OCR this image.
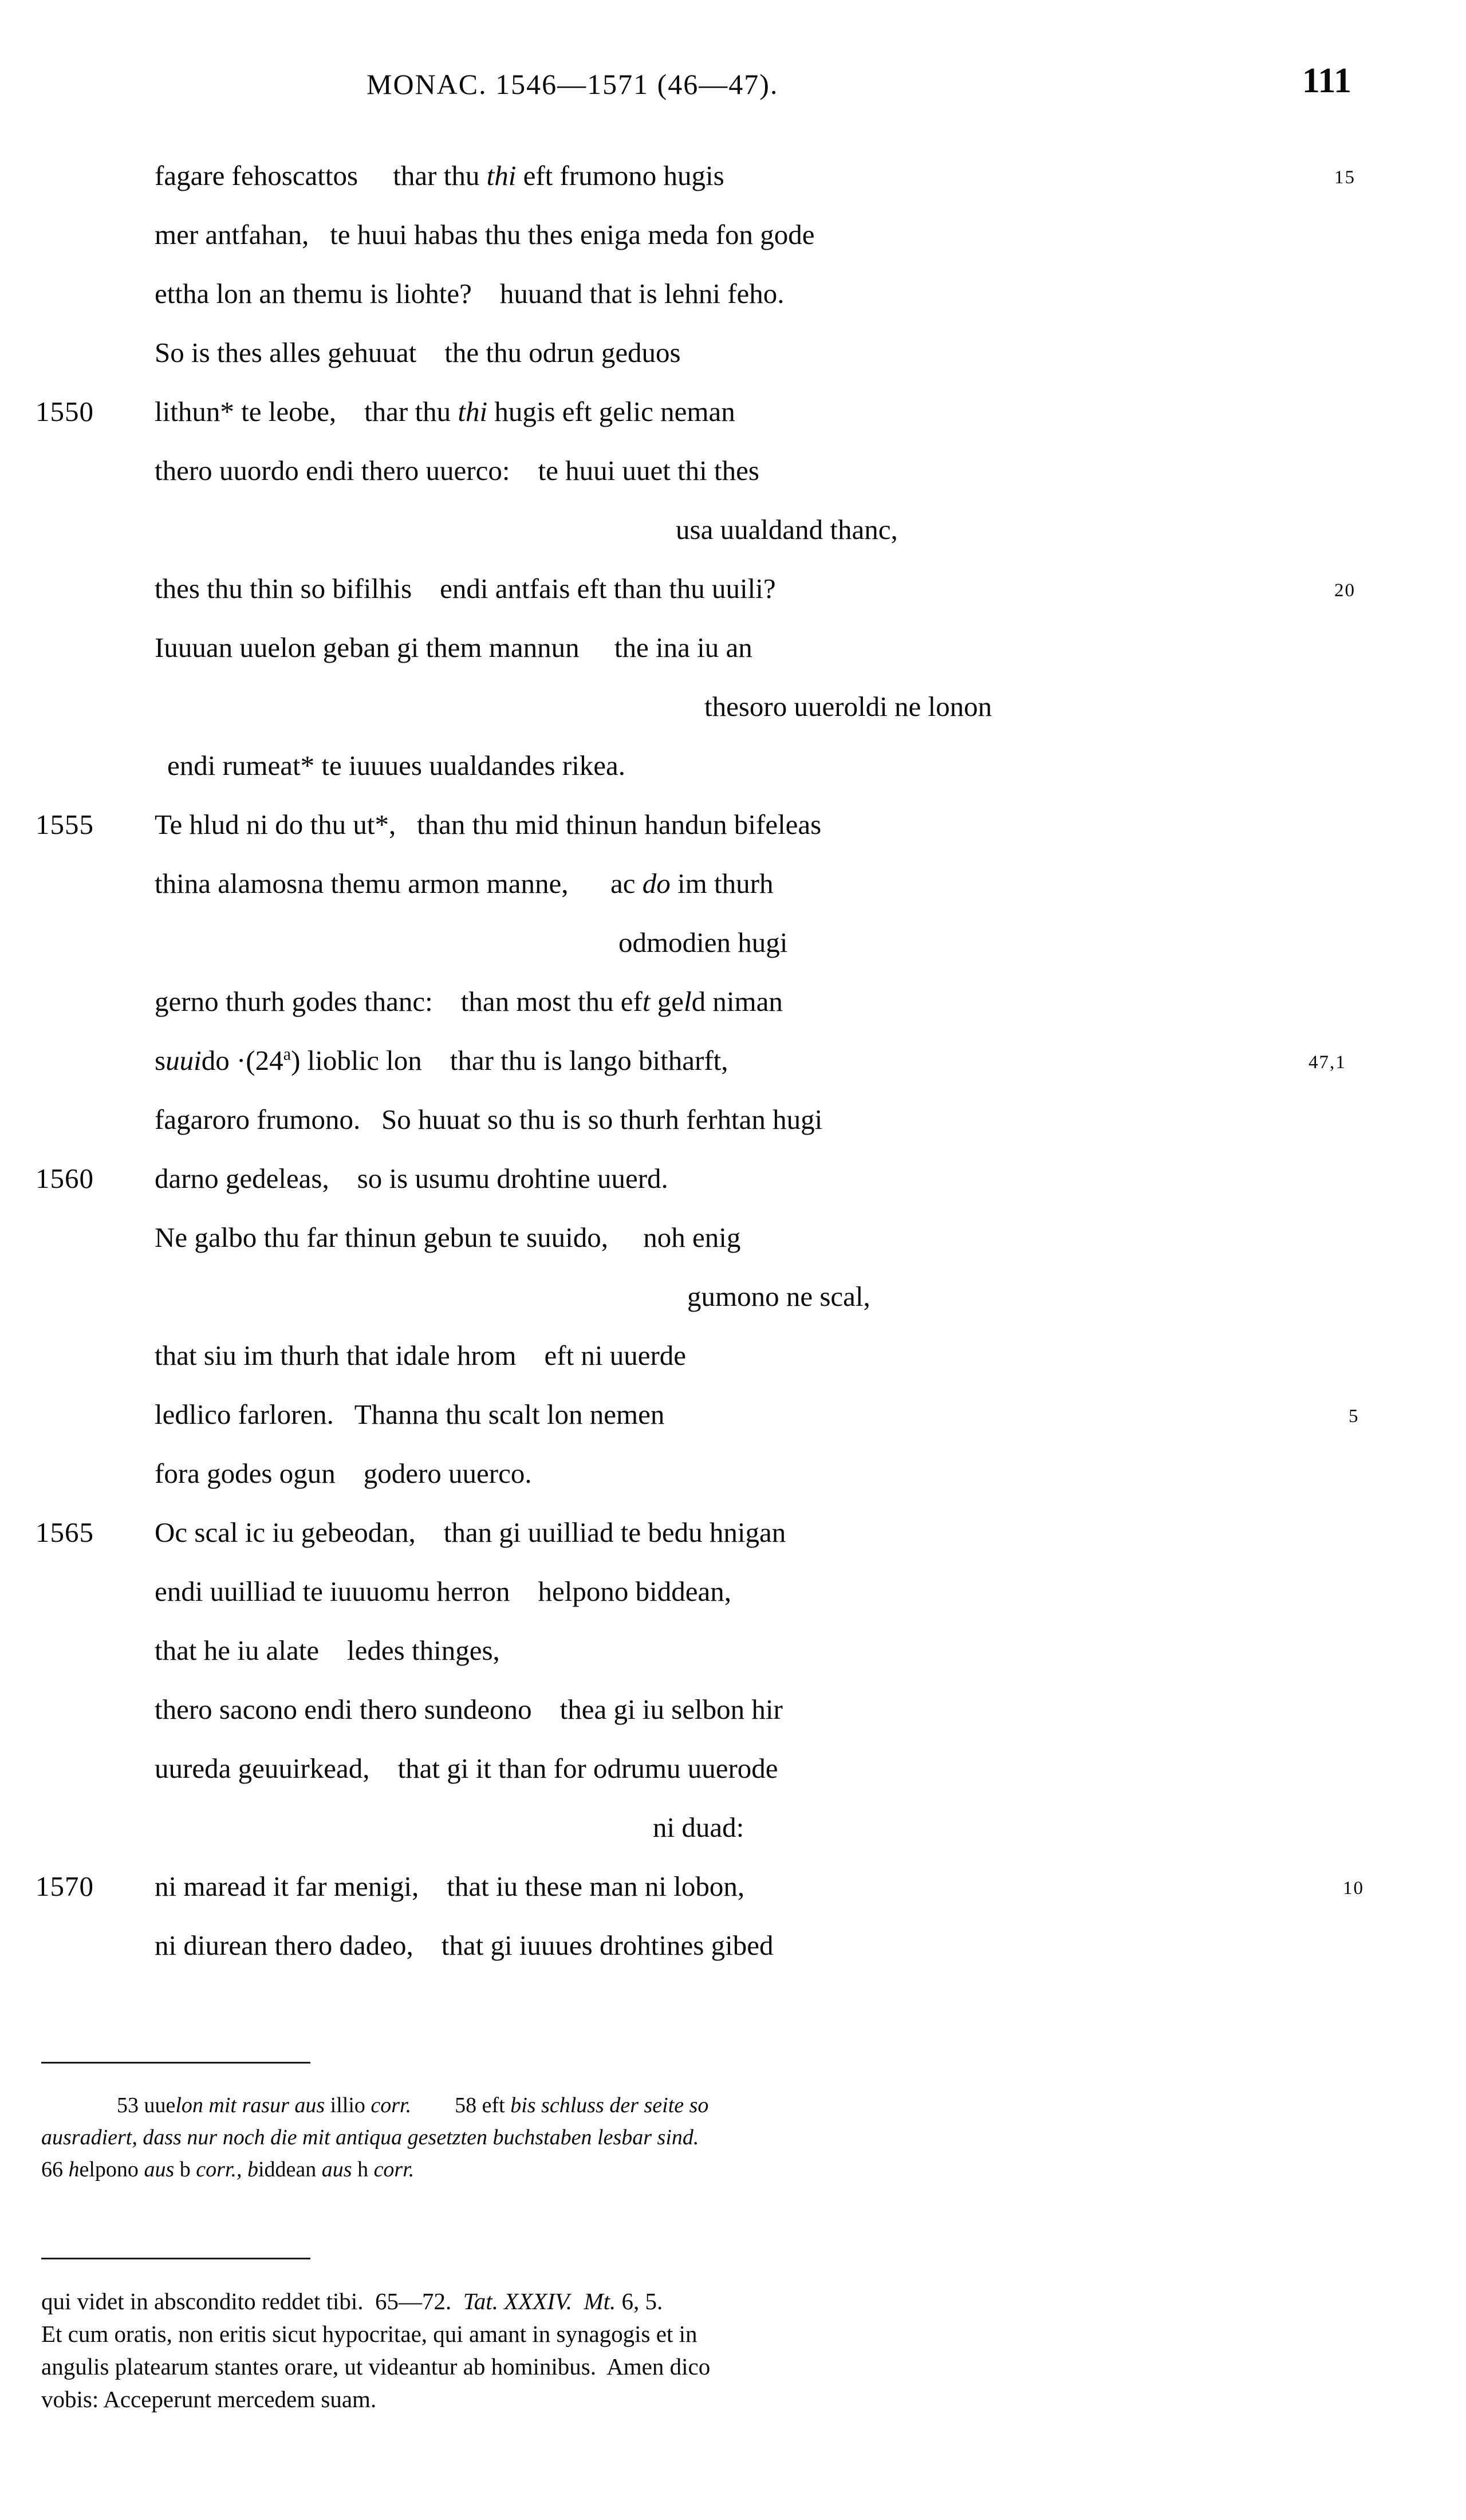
MONAC. 1546—1571 (46—47).	111
fagare fehoscattos     thar thu thi eft frumono hugis	15
mer antfahan,   te huui habas thu thes eniga meda fon gode
ettha lon an themu is liohte?    huuand that is lehni feho.
So is thes alles gehuuat    the thu odrun geduos
1550	lithun* te leobe,    thar thu thi hugis eft gelic neman
thero uuordo endi thero uuerco:    te huui uuet thi thes
usa uualdand thanc,
thes thu thin so bifilhis    endi antfais eft than thu uuili?	20
Iuuuan uuelon geban gi them mannun     the ina iu an
thesoro uueroldi ne lonon
endi rumeat* te iuuues uualdandes rikea.
1555	Te hlud ni do thu ut*,   than thu mid thinun handun bifeleas
thina alamosna themu armon manne,      ac do im thurh
odmodien hugi
gerno thurh godes thanc:    than most thu eft geld niman
suuido $\cdot(24^a)$ lioblic lon    thar thu is lango bitharft,	47,1
fagaroro frumono.   So huuat so thu is so thurh ferhtan hugi
1560	darno gedeleas,    so is usumu drohtine uuerd.
Ne galbo thu far thinun gebun te suuido,     noh enig
gumono ne scal,
that siu im thurh that idale hrom    eft ni uuerde
ledlico farloren.   Thanna thu scalt lon nemen	5
fora godes ogun    godero uuerco.
1565	Oc scal ic iu gebeodan,    than gi uuilliad te bedu hnigan
endi uuilliad te iuuuomu herron    helpono biddean,
that he iu alate    ledes thinges,
thero sacono endi thero sundeono    thea gi iu selbon hir
uureda geuuirkead,    that gi it than for odrumu uuerode
ni duad:
1570	ni maread it far menigi,    that iu these man ni lobon,	10
ni diurean thero dadeo,    that gi iuuues drohtines gibed
53 uuelon mit rasur aus illio corr.        58 eft bis schluss der seite so
ausradiert, dass nur noch die mit antiqua gesetzten buchstaben lesbar sind.
66 helpono aus b corr., biddean aus h corr.
qui videt in abscondito reddet tibi.  65—72.  Tat. XXXIV.  Mt. 6, 5.
Et cum oratis, non eritis sicut hypocritae, qui amant in synagogis et in
angulis platearum stantes orare, ut videantur ab hominibus.  Amen dico
vobis: Acceperunt mercedem suam.
